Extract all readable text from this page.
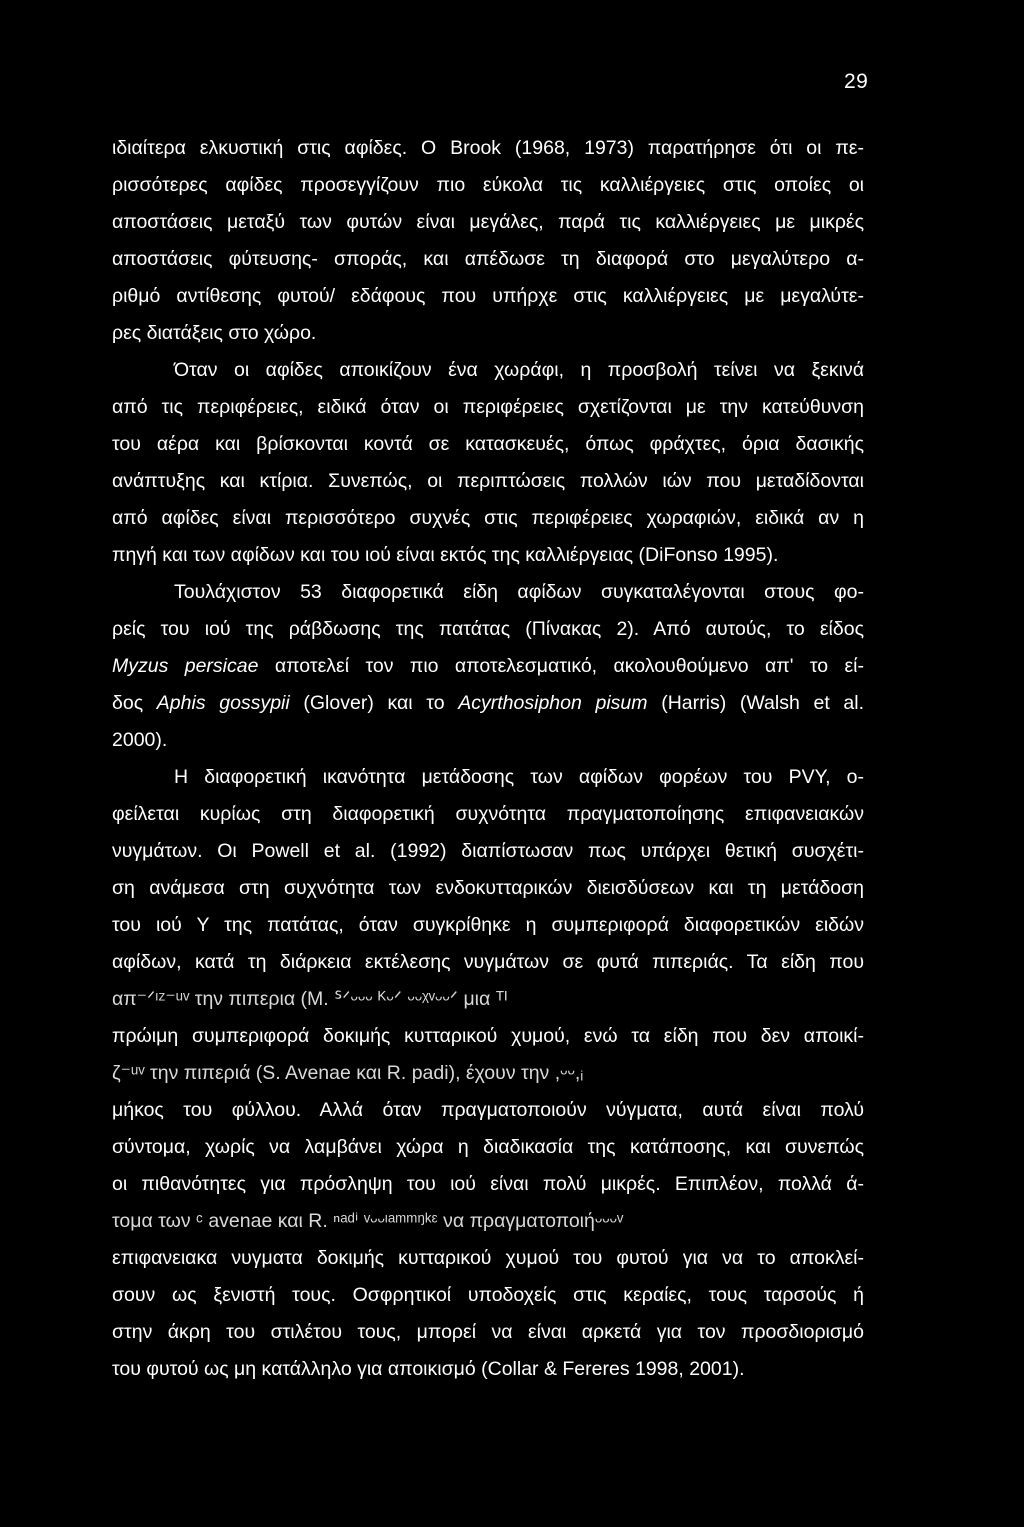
29
ιδιαίτερα ελκυστική στις αφίδες. Ο Brook (1968, 1973) παρατήρησε ότι οι πε-
ρισσότερες αφίδες προσεγγίζουν πιο εύκολα τις καλλιέργειες στις οποίες οι
αποστάσεις μεταξύ των φυτών είναι μεγάλες, παρά τις καλλιέργειες με μικρές
αποστάσεις φύτευσης- σποράς, και απέδωσε τη διαφορά στο μεγαλύτερο α-
ριθμό αντίθεσης φυτού/ εδάφους που υπήρχε στις καλλιέργειες με μεγαλύτε-
ρες διατάξεις στο χώρο.
Όταν οι αφίδες αποικίζουν ένα χωράφι, η προσβολή τείνει να ξεκινά
από τις περιφέρειες, ειδικά όταν οι περιφέρειες σχετίζονται με την κατεύθυνση
του αέρα και βρίσκονται κοντά σε κατασκευές, όπως φράχτες, όρια δασικής
ανάπτυξης και κτίρια. Συνεπώς, οι περιπτώσεις πολλών ιών που μεταδίδονται
από αφίδες είναι περισσότερο συχνές στις περιφέρειες χωραφιών, ειδικά αν η
πηγή και των αφίδων και του ιού είναι εκτός της καλλιέργειας (DiFonso 1995).
Τουλάχιστον 53 διαφορετικά είδη αφίδων συγκαταλέγονται στους φο-
ρείς του ιού της ράβδωσης της πατάτας (Πίνακας 2). Από αυτούς, το είδος
Myzus persicae αποτελεί τον πιο αποτελεσματικό, ακολουθούμενο απ' το εί-
δος Aphis gossypii (Glover) και το Acyrthosiphon pisum (Harris) (Walsh et al.
2000).
Η διαφορετική ικανότητα μετάδοσης των αφίδων φορέων του PVY, ο-
φείλεται κυρίως στη διαφορετική συχνότητα πραγματοποίησης επιφανειακών
νυγμάτων. Οι Powell et al. (1992) διαπίστωσαν πως υπάρχει θετική συσχέτι-
ση ανάμεσα στη συχνότητα των ενδοκυτταρικών διεισδύσεων και τη μετάδοση
του ιού Υ της πατάτας, όταν συγκρίθηκε η συμπεριφορά διαφορετικών ειδών
αφίδων, κατά τη διάρκεια εκτέλεσης νυγμάτων σε φυτά πιπεριάς. Τα είδη που
απ⁻ᐟᶦᶻ⁻ᵘᵛ την πιπερια (M. ᔆᐟᵕᵕᵕ ᴷᵕᐟ ᵕᵕᵡᵛᵕᵕᐟ μια ᵀᴵ
πρώιμη συμπεριφορά δοκιμής κυτταρικού χυμού, ενώ τα είδη που δεν αποικί-
ζ⁻ᵘᵛ την πιπεριά (S. Avenae και R. padi), έχουν την ,ᵕᵕ,ᵢ
μήκος του φύλλου. Αλλά όταν πραγματοποιούν νύγματα, αυτά είναι πολύ
σύντομα, χωρίς να λαμβάνει χώρα η διαδικασία της κατάποσης, και συνεπώς
οι πιθανότητες για πρόσληψη του ιού είναι πολύ μικρές. Επιπλέον, πολλά ά-
τομα των ᶜ avenae και R. ⁿᵃᵈⁱ ᵛᵕᵕᶦᵃᵐᵐᵑᵏᵋ να πραγματοποιήᵕᵕᵕᵛ
επιφανειακα νυγματα δοκιμής κυτταρικού χυμού του φυτού για να το αποκλεί-
σουν ως ξενιστή τους. Οσφρητικοί υποδοχείς στις κεραίες, τους ταρσούς ή
στην άκρη του στιλέτου τους, μπορεί να είναι αρκετά για τον προσδιορισμό
του φυτού ως μη κατάλληλο για αποικισμό (Collar & Fereres 1998, 2001).
